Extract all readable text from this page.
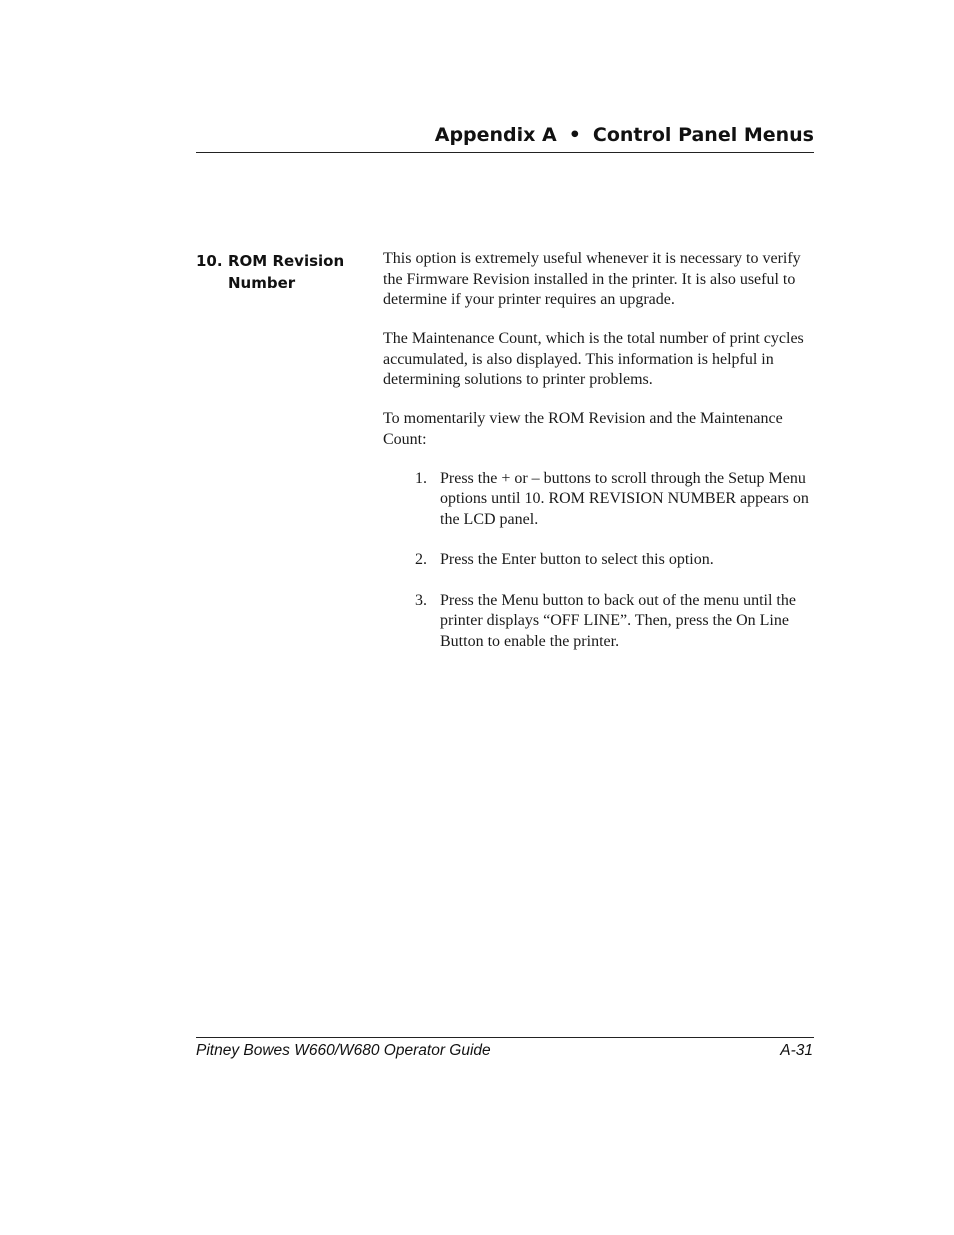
Appendix A • Control Panel Menus
10. ROM Revision
Number

This option is extremely useful whenever it is necessary to verify the Firmware Revision installed in the printer. It is also useful to determine if your printer requires an upgrade.

The Maintenance Count, which is the total number of print cycles accumulated, is also displayed. This information is helpful in determining solutions to printer problems.

To momentarily view the ROM Revision and the Maintenance Count:

1. Press the + or – buttons to scroll through the Setup Menu options until 10. ROM REVISION NUMBER appears on the LCD panel.
2. Press the Enter button to select this option.
3. Press the Menu button to back out of the menu until the printer displays “OFF LINE”. Then, press the On Line Button to enable the printer.
Pitney Bowes W660/W680 Operator Guide	A-31
